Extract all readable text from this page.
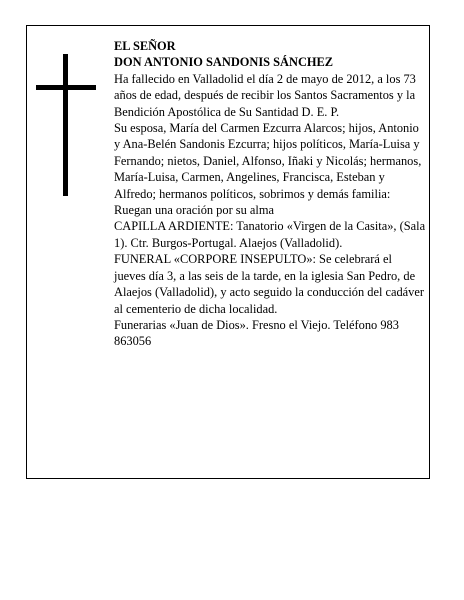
EL SEÑOR

DON ANTONIO SANDONIS SÁNCHEZ

Ha fallecido en Valladolid el día 2 de mayo de 2012, a los 73 años de edad, después de recibir los Santos Sacramentos y la Bendición Apostólica de Su Santidad D. E. P.

Su esposa, María del Carmen Ezcurra Alarcos; hijos, Antonio y Ana-Belén Sandonis Ezcurra; hijos políticos, María-Luisa y Fernando; nietos, Daniel, Alfonso, Iñaki y Nicolás; hermanos, María-Luisa, Carmen, Angelines, Francisca, Esteban y Alfredo; hermanos políticos, sobrimos y demás familia:

Ruegan una oración por su alma

CAPILLA ARDIENTE: Tanatorio «Virgen de la Casita», (Sala 1). Ctr. Burgos-Portugal. Alaejos (Valladolid).

FUNERAL «CORPORE INSEPULTO»: Se celebrará el jueves día 3, a las seis de la tarde, en la iglesia San Pedro, de Alaejos (Valladolid), y acto seguido la conducción del cadáver al cementerio de dicha localidad.

Funerarias «Juan de Dios». Fresno el Viejo. Teléfono 983 863056
